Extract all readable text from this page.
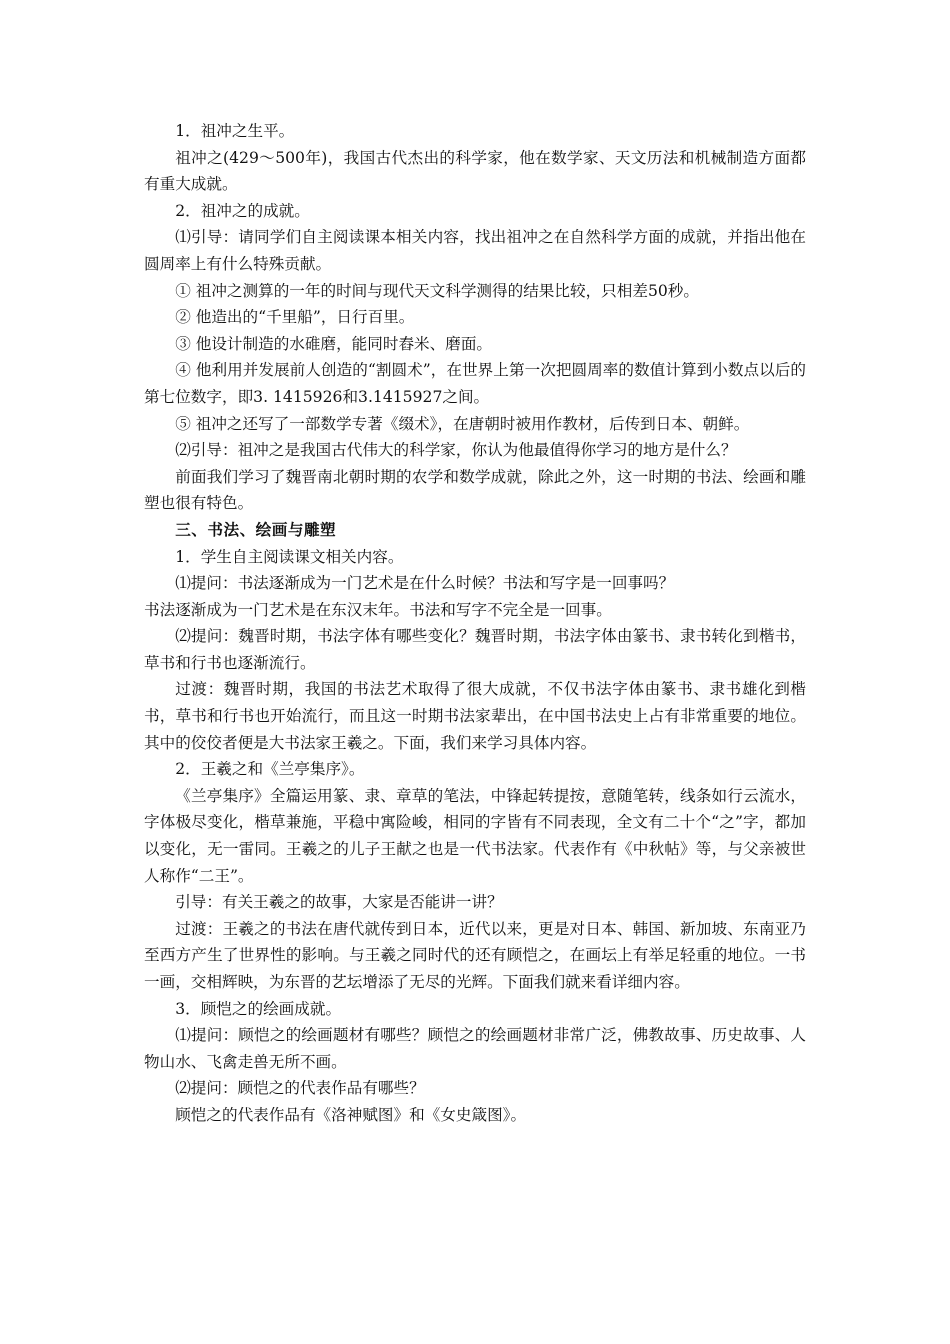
1．祖冲之生平。

祖冲之(429～500年)，我国古代杰出的科学家，他在数学家、天文历法和机械制造方面都有重大成就。

2．祖冲之的成就。

⑴引导：请同学们自主阅读课本相关内容，找出祖冲之在自然科学方面的成就，并指出他在圆周率上有什么特殊贡献。

① 祖冲之测算的一年的时间与现代天文科学测得的结果比较，只相差50秒。

② 他造出的“千里船”，日行百里。

③ 他设计制造的水碓磨，能同时舂米、磨面。

④ 他利用并发展前人创造的“割圆术”，在世界上第一次把圆周率的数值计算到小数点以后的第七位数字，即3. 1415926和3.1415927之间。

⑤ 祖冲之还写了一部数学专著《缀术》，在唐朝时被用作教材，后传到日本、朝鲜。

⑵引导：祖冲之是我国古代伟大的科学家，你认为他最值得你学习的地方是什么？

前面我们学习了魏晋南北朝时期的农学和数学成就，除此之外，这一时期的书法、绘画和雕塑也很有特色。

三、书法、绘画与雕塑

1．学生自主阅读课文相关内容。

⑴提问：书法逐渐成为一门艺术是在什么时候？书法和写字是一回事吗？

书法逐渐成为一门艺术是在东汉末年。书法和写字不完全是一回事。

⑵提问：魏晋时期，书法字体有哪些变化？魏晋时期，书法字体由篆书、隶书转化到楷书，草书和行书也逐渐流行。

过渡：魏晋时期，我国的书法艺术取得了很大成就，不仅书法字体由篆书、隶书雄化到楷书，草书和行书也开始流行，而且这一时期书法家辈出，在中国书法史上占有非常重要的地位。其中的佼佼者便是大书法家王羲之。下面，我们来学习具体内容。

2．王羲之和《兰亭集序》。

《兰亭集序》全篇运用篆、隶、章草的笔法，中锋起转提按，意随笔转，线条如行云流水，字体极尽变化，楷草兼施，平稳中寓险峻，相同的字皆有不同表现，全文有二十个“之”字，都加以变化，无一雷同。王羲之的儿子王献之也是一代书法家。代表作有《中秋帖》等，与父亲被世人称作“二王”。

引导：有关王羲之的故事，大家是否能讲一讲？

过渡：王羲之的书法在唐代就传到日本，近代以来，更是对日本、韩国、新加坡、东南亚乃至西方产生了世界性的影响。与王羲之同时代的还有顾恺之，在画坛上有举足轻重的地位。一书一画，交相辉映，为东晋的艺坛增添了无尽的光辉。下面我们就来看详细内容。

3．顾恺之的绘画成就。

⑴提问：顾恺之的绘画题材有哪些？顾恺之的绘画题材非常广泛，佛教故事、历史故事、人物山水、飞禽走兽无所不画。

⑵提问：顾恺之的代表作品有哪些？

顾恺之的代表作品有《洛神赋图》和《女史箴图》。
